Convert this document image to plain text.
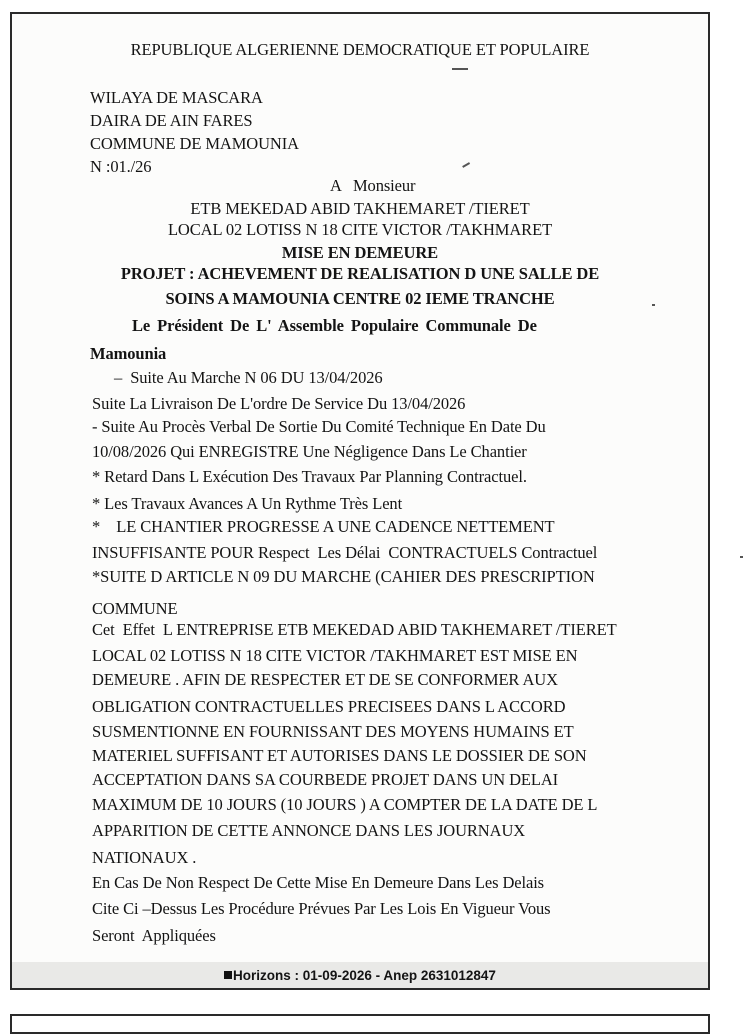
REPUBLIQUE ALGERIENNE DEMOCRATIQUE ET POPULAIRE
WILAYA DE MASCARA
DAIRA DE AIN FARES
COMMUNE DE MAMOUNIA
N :01./26
A   Monsieur
ETB MEKEDAD ABID TAKHEMARET /TIERET
LOCAL 02 LOTISS N 18 CITE VICTOR /TAKHMARET
MISE EN DEMEURE
PROJET : ACHEVEMENT DE REALISATION D UNE SALLE DE
SOINS A MAMOUNIA CENTRE 02 IEME TRANCHE
Le Président De L' Assemble Populaire Communale De
Mamounia
–  Suite Au Marche N 06 DU 13/04/2026
Suite La Livraison De L'ordre De Service Du 13/04/2026
- Suite Au Procès Verbal De Sortie Du Comité Technique En Date Du
10/08/2026 Qui ENREGISTRE Une Négligence Dans Le Chantier
* Retard Dans L Exécution Des Travaux Par Planning Contractuel.
* Les Travaux Avances A Un Rythme Très Lent
*    LE CHANTIER PROGRESSE A UNE CADENCE NETTEMENT
INSUFFISANTE POUR Respect  Les Délai  CONTRACTUELS Contractuel
*SUITE D ARTICLE N 09 DU MARCHE (CAHIER DES PRESCRIPTION
COMMUNE
Cet  Effet  L ENTREPRISE ETB MEKEDAD ABID TAKHEMARET /TIERET
LOCAL 02 LOTISS N 18 CITE VICTOR /TAKHMARET EST MISE EN
DEMEURE . AFIN DE RESPECTER ET DE SE CONFORMER AUX
OBLIGATION CONTRACTUELLES PRECISEES DANS L ACCORD
SUSMENTIONNE EN FOURNISSANT DES MOYENS HUMAINS ET
MATERIEL SUFFISANT ET AUTORISES DANS LE DOSSIER DE SON
ACCEPTATION DANS SA COURBEDE PROJET DANS UN DELAI
MAXIMUM DE 10 JOURS (10 JOURS ) A COMPTER DE LA DATE DE L
APPARITION DE CETTE ANNONCE DANS LES JOURNAUX
NATIONAUX .
En Cas De Non Respect De Cette Mise En Demeure Dans Les Delais
Cite Ci –Dessus Les Procédure Prévues Par Les Lois En Vigueur Vous
Seront  Appliquées
Horizons : 01-09-2026 - Anep 2631012847
